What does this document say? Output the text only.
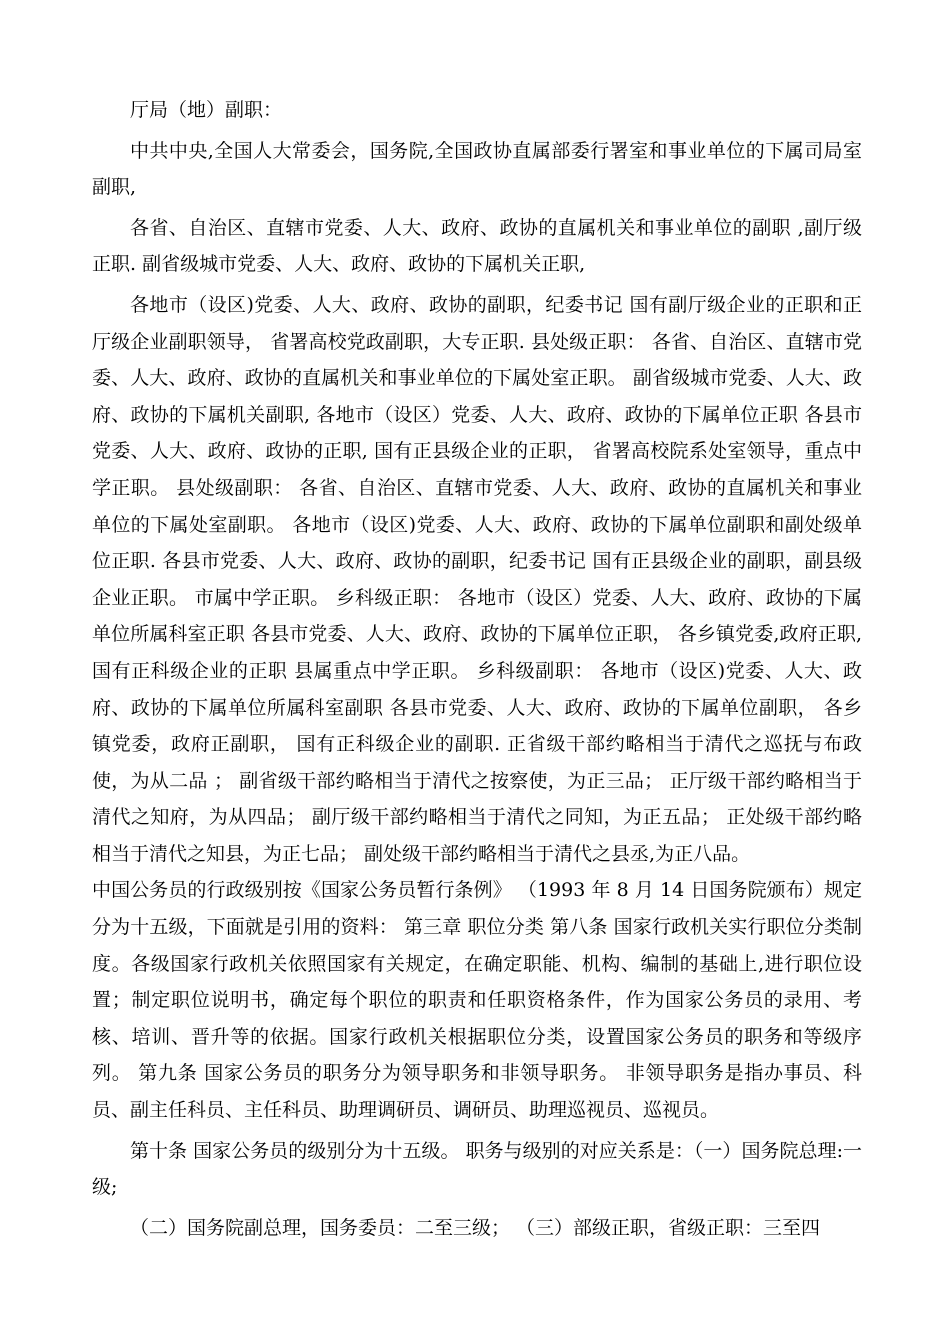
厅局（地）副职：

中共中央,全国人大常委会，国务院,全国政协直属部委行署室和事业单位的下属司局室副职,

各省、自治区、直辖市党委、人大、政府、政协的直属机关和事业单位的副职 ,副厅级正职. 副省级城市党委、人大、政府、政协的下属机关正职,

各地市（设区)党委、人大、政府、政协的副职，纪委书记 国有副厅级企业的正职和正厅级企业副职领导， 省署高校党政副职，大专正职. 县处级正职： 各省、自治区、直辖市党委、人大、政府、政协的直属机关和事业单位的下属处室正职。 副省级城市党委、人大、政府、政协的下属机关副职, 各地市（设区）党委、人大、政府、政协的下属单位正职 各县市党委、人大、政府、政协的正职, 国有正县级企业的正职， 省署高校院系处室领导，重点中学正职。 县处级副职： 各省、自治区、直辖市党委、人大、政府、政协的直属机关和事业单位的下属处室副职。 各地市（设区)党委、人大、政府、政协的下属单位副职和副处级单位正职. 各县市党委、人大、政府、政协的副职，纪委书记 国有正县级企业的副职，副县级企业正职。 市属中学正职。 乡科级正职： 各地市（设区）党委、人大、政府、政协的下属单位所属科室正职 各县市党委、人大、政府、政协的下属单位正职， 各乡镇党委,政府正职, 国有正科级企业的正职 县属重点中学正职。 乡科级副职： 各地市（设区)党委、人大、政府、政协的下属单位所属科室副职 各县市党委、人大、政府、政协的下属单位副职， 各乡镇党委，政府正副职， 国有正科级企业的副职. 正省级干部约略相当于清代之巡抚与布政使，为从二品 ； 副省级干部约略相当于清代之按察使，为正三品； 正厅级干部约略相当于清代之知府，为从四品； 副厅级干部约略相当于清代之同知，为正五品； 正处级干部约略相当于清代之知县，为正七品； 副处级干部约略相当于清代之县丞,为正八品。

中国公务员的行政级别按《国家公务员暂行条例》 （1993 年 8 月 14 日国务院颁布）规定分为十五级，下面就是引用的资料： 第三章 职位分类 第八条 国家行政机关实行职位分类制度。各级国家行政机关依照国家有关规定，在确定职能、机构、编制的基础上,进行职位设置；制定职位说明书，确定每个职位的职责和任职资格条件，作为国家公务员的录用、考核、培训、晋升等的依据。国家行政机关根据职位分类，设置国家公务员的职务和等级序列。 第九条 国家公务员的职务分为领导职务和非领导职务。 非领导职务是指办事员、科员、副主任科员、主任科员、助理调研员、调研员、助理巡视员、巡视员。

第十条 国家公务员的级别分为十五级。 职务与级别的对应关系是：（一）国务院总理:一级;

（二）国务院副总理，国务委员：二至三级； （三）部级正职，省级正职：三至四
